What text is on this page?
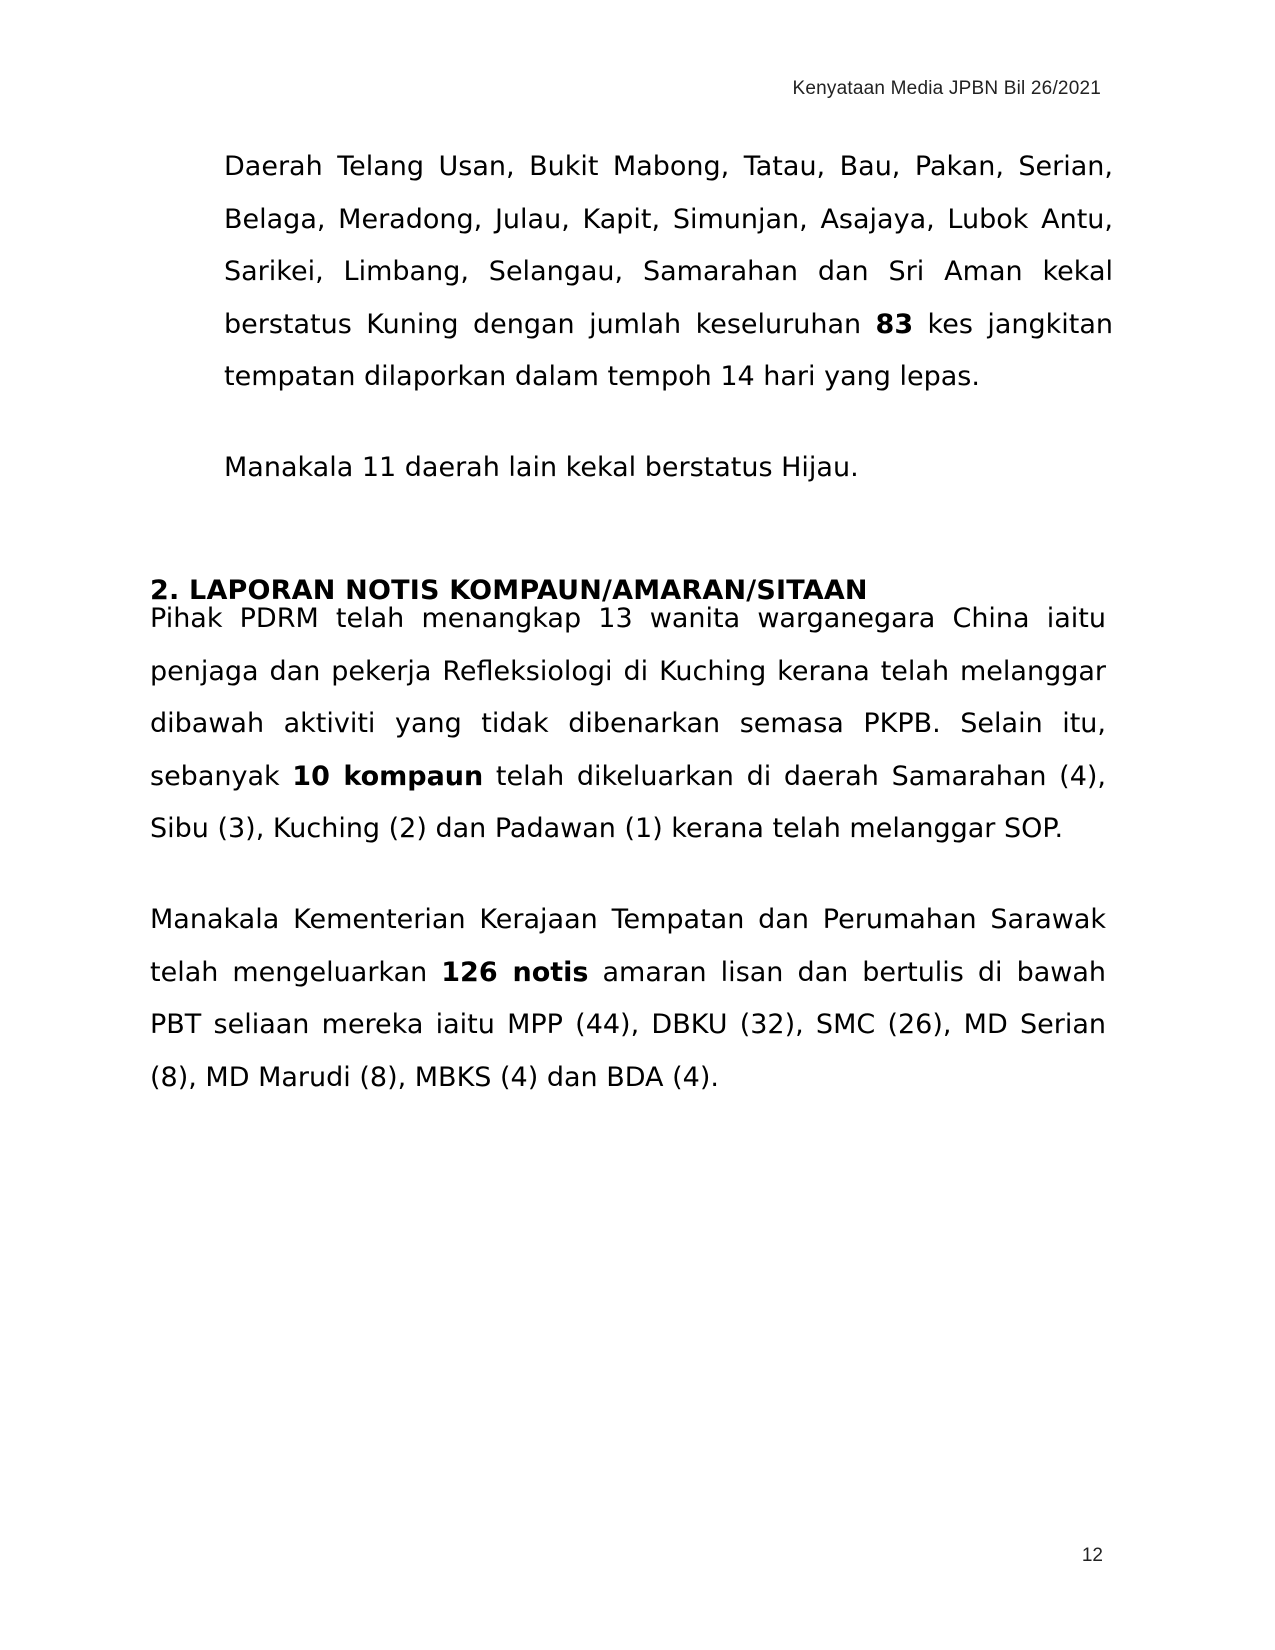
Kenyataan Media JPBN Bil 26/2021

Daerah Telang Usan, Bukit Mabong, Tatau, Bau, Pakan, Serian, Belaga, Meradong, Julau, Kapit, Simunjan, Asajaya, Lubok Antu, Sarikei, Limbang, Selangau, Samarahan dan Sri Aman kekal berstatus Kuning dengan jumlah keseluruhan 83 kes jangkitan tempatan dilaporkan dalam tempoh 14 hari yang lepas.

Manakala 11 daerah lain kekal berstatus Hijau.

2. LAPORAN NOTIS KOMPAUN/AMARAN/SITAAN

Pihak PDRM telah menangkap 13 wanita warganegara China iaitu penjaga dan pekerja Refleksiologi di Kuching kerana telah melanggar dibawah aktiviti yang tidak dibenarkan semasa PKPB. Selain itu, sebanyak 10 kompaun telah dikeluarkan di daerah Samarahan (4), Sibu (3), Kuching (2) dan Padawan (1) kerana telah melanggar SOP.

Manakala Kementerian Kerajaan Tempatan dan Perumahan Sarawak telah mengeluarkan 126 notis amaran lisan dan bertulis di bawah PBT seliaan mereka iaitu MPP (44), DBKU (32), SMC (26), MD Serian (8), MD Marudi (8), MBKS (4) dan BDA (4).

12
